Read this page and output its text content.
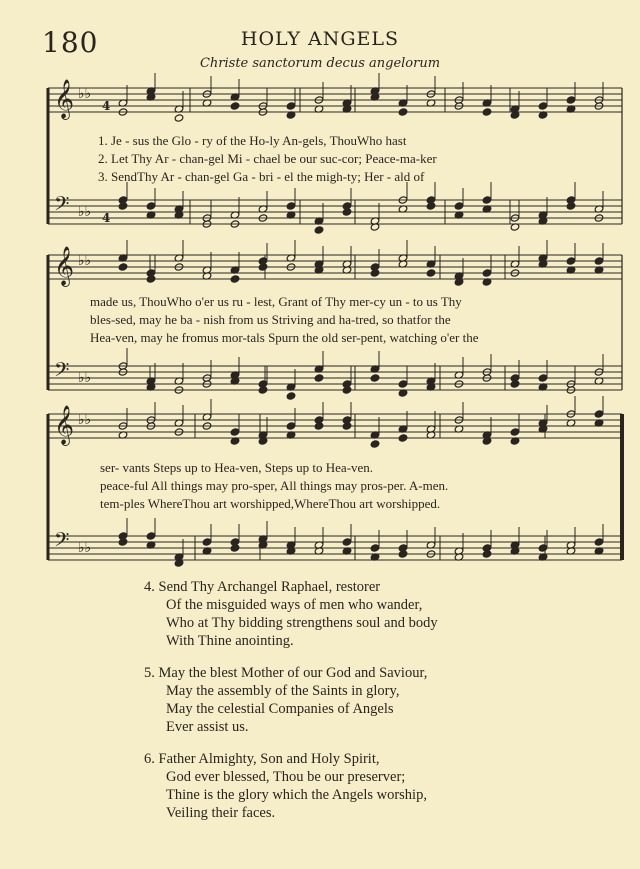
180	HOLY ANGELS
Christe sanctorum decus angelorum
𝄞 ♭♭
4
𝄢 ♭♭ 4
𝄞 ♭♭
𝄢 ♭♭
𝄞 ♭♭
𝄢 ♭♭
1. Je - sus the Glo - ry of the Ho-ly An-gels, ThouWho hast
2. Let Thy Ar - chan-gel Mi - chael be our suc-cor; Peace-ma-ker
3. SendThy Ar - chan-gel Ga - bri - el the migh-ty; Her - ald of
made us, ThouWho o'er us ru - lest, Grant of Thy mer-cy un - to us Thy
bles-sed, may he ba - nish from us Striving and ha-tred, so thatfor the
Hea-ven, may he fromus mor-tals Spurn the old ser-pent, watching o'er the
ser- vants Steps up to Hea-ven, Steps up to Hea-ven.
peace-ful All things may pro-sper, All things may pros-per. A-men.
tem-ples WhereThou art worshipped,WhereThou art worshipped.
4. Send Thy Archangel Raphael, restorer
Of the misguided ways of men who wander,
Who at Thy bidding strengthens soul and body
With Thine anointing.
5. May the blest Mother of our God and Saviour,
May the assembly of the Saints in glory,
May the celestial Companies of Angels
Ever assist us.
6. Father Almighty, Son and Holy Spirit,
God ever blessed, Thou be our preserver;
Thine is the glory which the Angels worship,
Veiling their faces.
